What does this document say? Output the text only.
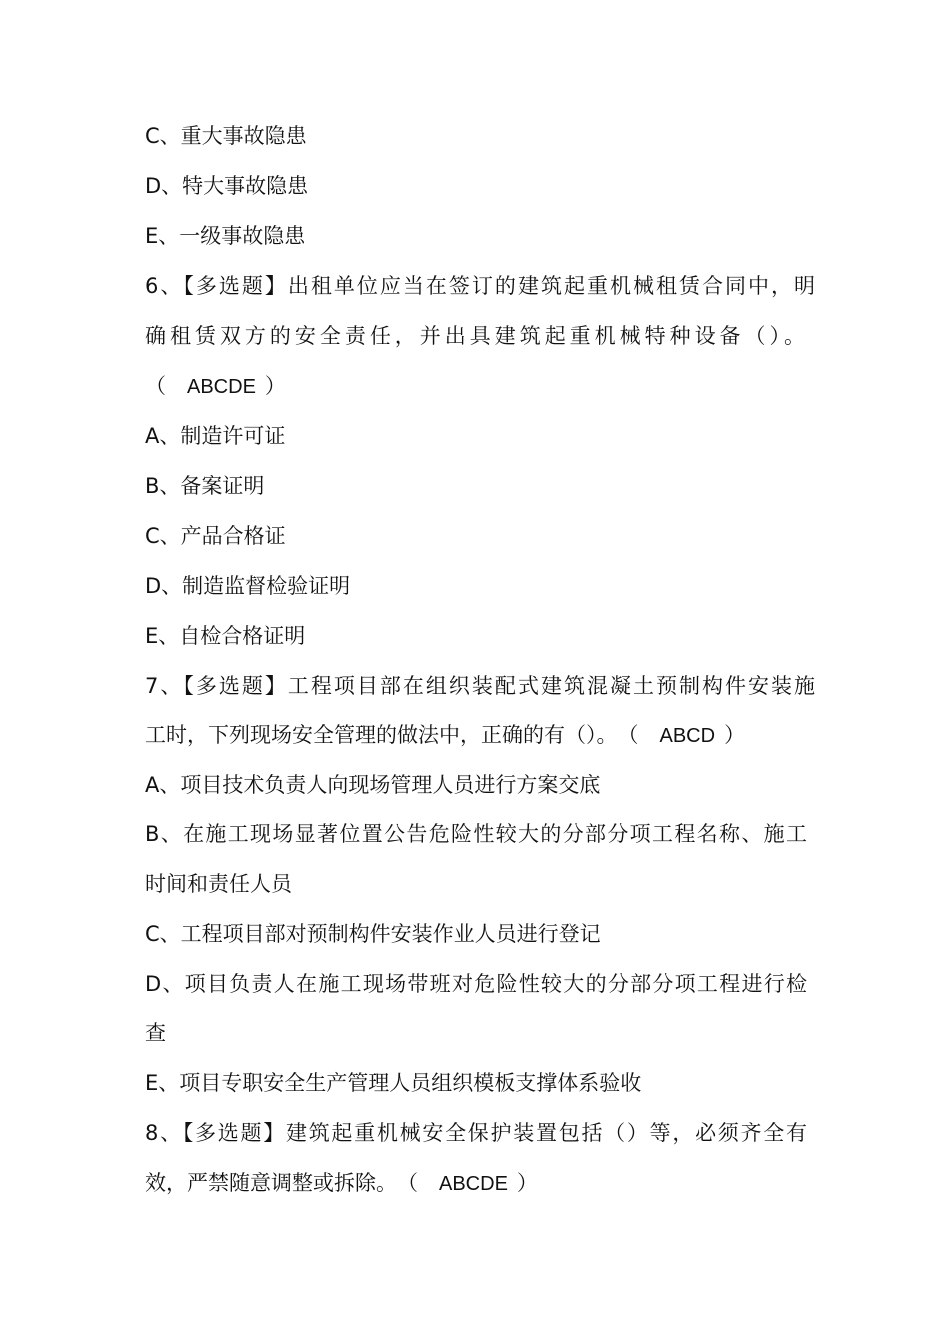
C、重大事故隐患
D、特大事故隐患
E、一级事故隐患
6、【多选题】出租单位应当在签订的建筑起重机械租赁合同中，明
确租赁双方的安全责任，并出具建筑起重机械特种设备（）。
（ ABCDE ）
A、制造许可证
B、备案证明
C、产品合格证
D、制造监督检验证明
E、自检合格证明
7、【多选题】工程项目部在组织装配式建筑混凝土预制构件安装施
工时，下列现场安全管理的做法中，正确的有（）。（ ABCD ）
A、项目技术负责人向现场管理人员进行方案交底
B、在施工现场显著位置公告危险性较大的分部分项工程名称、施工
时间和责任人员
C、工程项目部对预制构件安装作业人员进行登记
D、项目负责人在施工现场带班对危险性较大的分部分项工程进行检
查
E、项目专职安全生产管理人员组织模板支撑体系验收
8、【多选题】建筑起重机械安全保护装置包括（）等，必须齐全有
效，严禁随意调整或拆除。（ ABCDE ）
